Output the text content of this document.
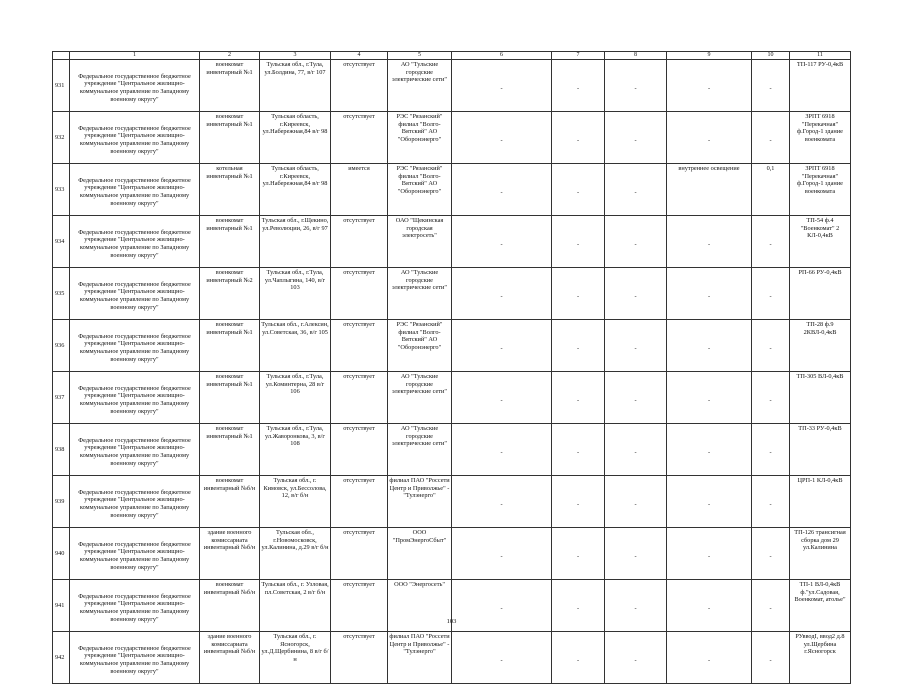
	1	2	3	4	5	6	7	8	9	10	11
931	Федеральное государственное бюджетное учреждение "Центральное жилищно-коммунальное управление по Западному военному округу"	военкомат инвентарный №1	Тульская обл., г.Тула, ул.Болдина, 77, в/г 107	отсутствует	АО "Тульские городские электрические сети"	-	-	-	-	-	ТП-117 РУ-0,4кВ
932	Федеральное государственное бюджетное учреждение "Центральное жилищно-коммунальное управление по Западному военному округу"	военкомат инвентарный №1	Тульская область, г.Киреевск, ул.Набережная,84 в/г 98	отсутствует	РЭС "Рязанский" филиал "Волго-Вятский" АО "Оборонэнерго"	-	-	-	-	-	ЗРПТ 6918 "Перекачная" ф.Город-1 здание военкомата
933	Федеральное государственное бюджетное учреждение "Центральное жилищно-коммунальное управление по Западному военному округу"	котельная инвентарный №1	Тульская область, г.Киреевск, ул.Набережная,84 в/г 98	имеется	РЭС "Рязанский" филиал "Волго-Вятский" АО "Оборонэнерго"	-	-	-	внутреннее освещение	0,1	ЗРПТ 6918 "Перекачная" ф.Город-1 здание военкомата
934	Федеральное государственное бюджетное учреждение "Центральное жилищно-коммунальное управление по Западному военному округу"	военкомат инвентарный №1	Тульская обл., г.Щекино, ул.Революции, 26, в/г 97	отсутствует	ОАО "Щекинская городская электросеть"	-	-	-	-	-	ТП-54 ф.4 "Военкомат" 2 КЛ-0,4кВ
935	Федеральное государственное бюджетное учреждение "Центральное жилищно-коммунальное управление по Западному военному округу"	военкомат инвентарный №2	Тульская обл., г.Тула, ул.Чаплыгина, 140, в/г 103	отсутствует	АО "Тульские городские электрические сети"	-	-	-	-	-	РП-66 РУ-0,4кВ
936	Федеральное государственное бюджетное учреждение "Центральное жилищно-коммунальное управление по Западному военному округу"	военкомат инвентарный №1	Тульская обл., г.Алексин, ул.Советская, 36, в/г 105	отсутствует	РЭС "Рязанский" филиал "Волго-Вятский" АО "Оборонэнерго"	-	-	-	-	-	ТП-28 ф.9 2КВЛ-0,4кВ
937	Федеральное государственное бюджетное учреждение "Центральное жилищно-коммунальное управление по Западному военному округу"	военкомат инвентарный №1	Тульская обл., г.Тула, ул.Коминтерна, 28 в/г 106	отсутствует	АО "Тульские городские электрические сети"	-	-	-	-	-	ТП-305 ВЛ-0,4кВ
938	Федеральное государственное бюджетное учреждение "Центральное жилищно-коммунальное управление по Западному военному округу"	военкомат инвентарный №1	Тульская обл., г.Тула, ул.Жаворонкова, 3, в/г 108	отсутствует	АО "Тульские городские электрические сети"	-	-	-	-	-	ТП-33 РУ-0,4кВ
939	Федеральное государственное бюджетное учреждение "Центральное жилищно-коммунальное управление по Западному военному округу"	военкомат инвентарный №б/н	Тульская обл., г. Кимовск, ул.Бессолова, 12, в/г б/н	отсутствует	филиал ПАО "Россети Центр и Приволжье" - "Тулэнерго"	-	-	-	-	-	ЦРП-1 КЛ-0,4кВ
940	Федеральное государственное бюджетное учреждение "Центральное жилищно-коммунальное управление по Западному военному округу"	здание военного комиссариата инвентарный №б/н	Тульская обл., г.Новомосковск, ул.Калинина, д.29 в/г б/н	отсутствует	ООО "ПромЭнергоСбыт"	-	-	-	-	-	ТП-126 трансигная сборка дом 29 ул.Калинина
941	Федеральное государственное бюджетное учреждение "Центральное жилищно-коммунальное управление по Западному военному округу"	военкомат инвентарный №б/н	Тульская обл., г. Узловая, пл.Советская, 2 в/г б/н	отсутствует	ООО "Энергосеть"	-	-	-	-	-	ТП-1 ВЛ-0,4кВ ф."ул.Садовая, Военкомат, атолье"
942	Федеральное государственное бюджетное учреждение "Центральное жилищно-коммунальное управление по Западному военному округу"	здание военного комиссариата инвентарный №б/н	Тульская обл., г. Ясногорск, ул.Д.Щербинина, 8 в/г б/н	отсутствует	филиал ПАО "Россети Центр и Приволжье" - "Тулэнерго"	-	-	-	-	-	РУвводI, ввод2 д.8 ул.Щербина г.Ясногорск
103
